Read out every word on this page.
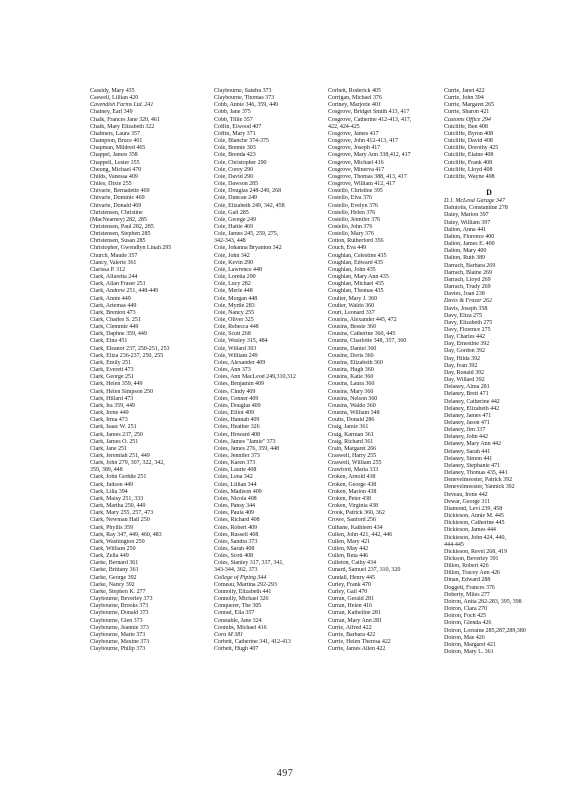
Cassidy, Mary 435
Caswell, Lillian 420
Cavendish Farms Ltd. 241
Chainey, Earl 349
Chalk, Frances Jane 320, 461
Chalk, Mary Elizabeth 322
Chalmers, Laura 357
Champion, Bruce 401
Chapman, Mildred 465
Chappel, James 358
Chappell, Lester 355
Cheung, Michael 470
Childs, Vanessa 409
Chiles, Dixie 255
Chivarie, Bernadette 469
Chivarie, Dominic 469
Chivarie, Donald 469
Christensen, Christine
(MacNearney) 282, 285
Christensen, Paul 282, 285
Christensen, Stephen 285
Christensen, Susan 285
Christopher, Gwendlyn Linah 295
Church, Maude 357
Clancy, Valerie 361
Clarissa P. 312
Clark, Alfaretta 244
Clark, Allan Fraser 251
Clark, Andrew 251, 448-449
Clark, Annie 449
Clark, Artemas 449
Clark, Brenton 473
Clark, Charles S. 251
Clark, Clemmie 449
Clark, Daphne 359, 449
Clark, Eina 451
Clark, Eleanor 237, 250-251, 253
Clark, Eliza 236-237, 250, 255
Clark, Emily 251
Clark, Everett 473
Clark, George 251
Clark, Helen 359, 449
Clark, Helen Simpson 250
Clark, Hillard 473
Clark, Ira 359, 449
Clark, Irene 449
Clark, Irma 473
Clark, Isaac W. 251
Clark, James 237, 250
Clark, James O. 251
Clark, Jane 251
Clark, Jeremiah 251, 449
Clark, John 279, 307, 322, 342,
359, 389, 448
Clark, John Geddie 251
Clark, Judson 449
Clark, Lilla 394
Clark, Maisy 251, 333
Clark, Martha 250, 449
Clark, Mary 255, 257, 473
Clark, Newman Hall 250
Clark, Phyllis 359
Clark, Ray 347, 449, 460, 483
Clark, Washington 250
Clark, William 250
Clark, Zella 449
Clarke, Bernard 361
Clarke, Brittany 361
Clarke, George 392
Clarke, Nancy 392
Clarke, Stephen K. 277
Claybourne, Beverley 373
Claybourne, Brooks 373
Claybourne, Donald 373
Claybourne, Glen 373
Claybourne, Jeannie 373
Claybourne, Marie 373
Claybourne, Maxine 373
Claybourne, Philip 373
Claybourne, Sandra 373
Claybourne, Thomas 373
Cobb, Annie 346, 359, 449
Cobb, Jane 375
Cobb, Tillie 357
Coffin, Elwood 407
Coffin, Mary 371
Cole, Blanche 374-375
Cole, Bonnie 303
Cole, Brenda 423
Cole, Christopher 290
Cole, Corey 290
Cole, David 290
Cole, Dawson 285
Cole, Douglas 248-249, 268
Cole, Duncan 249
Cole, Elizabeth 249, 342, 458
Cole, Gail 285
Cole, George 249
Cole, Hattie 469
Cole, James 245, 259, 275,
342-343, 448
Cole, Johanna Bryanton 342
Cole, John 342
Cole, Kevin 290
Cole, Lawrence 448
Cole, Loretta 290
Cole, Lucy 282
Cole, Merle 448
Cole, Morgan 448
Cole, Myrtle 283
Cole, Nancy 255
Cole, Oliver 325
Cole, Rebecca 448
Cole, Scott 268
Cole, Wesley 315, 484
Cole, Willard 303
Cole, William 249
Coles, Alexander 409
Coles, Ann 373
Coles, Ann MacLeod 249,310,312
Coles, Benjamin 409
Coles, Cindy 409
Coles, Conner 409
Coles, Douglas 409
Coles, Elliot 409
Coles, Hannah 409
Coles, Heather 326
Coles, Howard 408
Coles, James "Jamie" 373
Coles, James 276, 359, 448
Coles, Jennifer 373
Coles, Karen 373
Coles, Laurie 408
Coles, Lena 342
Coles, Lillian 344
Coles, Madison 409
Coles, Nicola 408
Coles, Pansy 344
Coles, Paula 409
Coles, Richard 408
Coles, Robert 409
Coles, Russell 408
Coles, Sandra 373
Coles, Sarah 408
Coles, Scott 408
Coles, Stanley 317, 337, 341,
343-344, 362, 373
College of Piping 344
Comeau, Martina 292-293
Connolly, Elizabeth 441
Connolly, Michael 326
Conquerer, The 305
Conrad, Ella 357
Constable, Jane 324
Coombs, Michael 416
Cora M 381
Corbett, Catherine 341, 412-413
Corbett, Hugh 407
Corbett, Roderick 405
Corrigan, Michael 376
Cortney, Marjorie 401
Cosgrove, Bridget Smith 413, 417
Cosgrove, Catherine 412-413, 417,
422, 424-425
Cosgrove, James 417
Cosgrove, John 412-413, 417
Cosgrove, Joseph 417
Cosgrove, Mary Ann 338,412, 417
Cosgrove, Michael 416
Cosgrove, Minerva 417
Cosgrove, Thomas 388, 413, 417
Cosgrove, William 412, 417
Costello, Christine 395
Costello, Elva 376
Costello, Evelyn 376
Costello, Helen 376
Costello, Jennifer 376
Costello, John 376
Costello, Mary 376
Cotton, Rutherford 356
Couch, Eva 449
Coughlan, Celestine 435
Coughlan, Edward 435
Coughlan, John 435
Coughlan, Mary Ann 435
Coughlan, Michael 435
Coughlan, Thomas 435
Coulter, Mary J. 360
Coulter, Waldo 360
Court, Leonard 337
Cousins, Alexander 445, 472
Cousins, Bessie 360
Cousins, Catherine 360, 445
Cousins, Charlotte 348, 357, 360
Cousins, Daniel 360
Cousins, Doris 360
Cousins, Elizabeth 360
Cousins, Hugh 360
Cousins, Katie 360
Cousins, Laura 360
Cousins, Mary 360
Cousins, Nelson 360
Cousins, Waldo 360
Cousins, William 348
Coutts, Donald 286
Craig, Jamie 361
Craig, Karman 361
Craig, Richard 361
Crain, Margaret 266
Craswell, Harry 255
Craswell, William 255
Crawford, Maria 333
Croken, Arnold 438
Croken, George 438
Croken, Marion 438
Croken, Peter 438
Croken, Virginia 438
Crook, Patrick 360, 362
Crowe, Sanford 256
Culhane, Kathleen 434
Cullen, John 421, 442, 446
Cullen, Mary 421
Cullen, May 442
Cullen, Reta 446
Culleton, Cathy 434
Cunard, Samuel 237, 310, 320
Cundall, Henry 445
Curley, Frank 470
Curley, Gail 470
Curran, Gerald 281
Curran, Helen 416
Curran, Katheline 281
Curran, Mary Ann 281
Currie, Alfred 422
Currie, Barbara 422
Currie, Helen Theresa 422
Currie, James Allen 422
Currie, Janet 422
Currie, John 394
Currie, Margaret 265
Currie, Sharon 421
Customs Office 294
Cutcliffe, Ben 408
Cutcliffe, Byron 408
Cutcliffe, David 408
Cutcliffe, Dorothy 425
Cutcliffe, Elaine 408
Cutcliffe, Frank 408
Cutcliffe, Lloyd 408
Cutcliffe, Wayne 408
D
D.J. McLeod Garage 347
Dafniotis, Constantine 278
Daley, Marion 397
Daley, William 397
Dalton, Anna 441
Dalton, Florence 400
Dalton, James E. 400
Dalton, Mary 400
Dalton, Ruth 389
Darrach, Barbara 269
Darrach, Blaine 269
Darrach, Lloyd 269
Darrach, Trudy 269
Davies, Joan 238
Davis & Fraser 262
Davis, Joseph 358
Davy, Eliza 275
Davy, Elizabeth 275
Davy, Florence 275
Day, Charles 442
Day, Ernestine 392
Day, Gordon 392
Day, Hilda 392
Day, Ivan 392
Day, Ronald 392
Day, Willard 392
Delaney, Alma 281
Delaney, Brett 471
Delaney, Catherine 442
Delaney, Elizabeth 442
Delaney, James 471
Delaney, Jason 471
Delaney, Jim 337
Delaney, John 442
Delaney, Mary Ann 442
Delaney, Sarah 441
Delaney, Simon 441
Delaney, Stephanie 471
Delaney, Thomas 435, 441
Denevelmeester, Patrick 392
Denevelmeester, Yannick 392
Deveau, Irene 442
Dewar, George 311
Diamond, Levi 239, 458
Dickieson, Annie M. 445
Dickieson, Catherine 445
Dickieson, James 444
Dickieson, John 424, 440,
444-445
Dickieson, Revel 268, 419
Dickson, Beverley 391
Dillon, Robert 426
Dillon, Tracey Ann 426
Dinan, Edward 288
Doggett, Frances 376
Doherty, Miles 277
Doiron, Anita 282-283, 395, 398
Doiron, Clara 270
Doiron, Foch 425
Doiron, Glenda 426
Doiron, Lorraine 285,287,289,380
Doiron, Mae 426
Doiron, Margaret 421
Doiron, Mary L. 361
497
